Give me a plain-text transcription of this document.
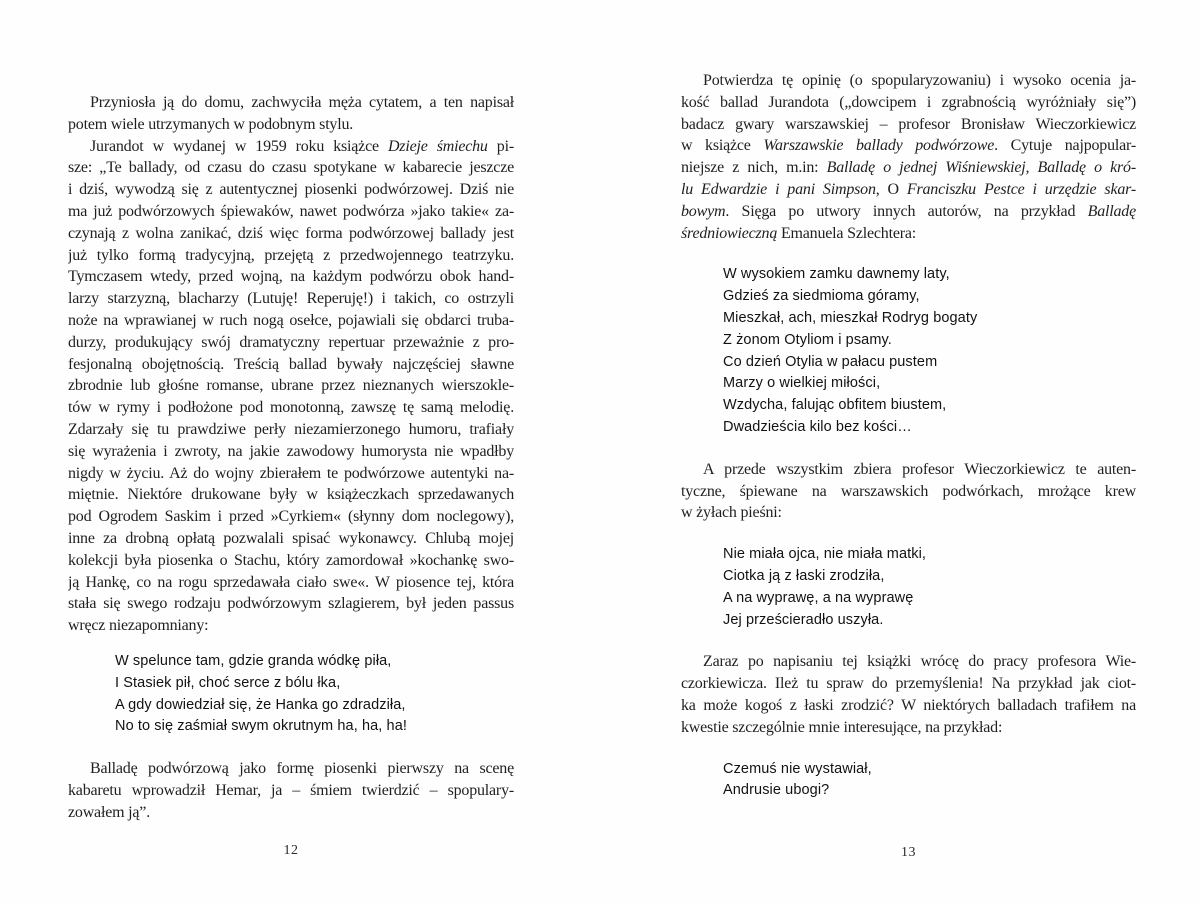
Przyniosła ją do domu, zachwyciła męża cytatem, a ten napisał
potem wiele utrzymanych w podobnym stylu.
Jurandot w wydanej w 1959 roku książce Dzieje śmiechu pi-
sze: „Te ballady, od czasu do czasu spotykane w kabarecie jeszcze
i dziś, wywodzą się z autentycznej piosenki podwórzowej. Dziś nie
ma już podwórzowych śpiewaków, nawet podwórza »jako takie« za-
czynają z wolna zanikać, dziś więc forma podwórzowej ballady jest
już tylko formą tradycyjną, przejętą z przedwojennego teatrzyku.
Tymczasem wtedy, przed wojną, na każdym podwórzu obok hand-
larzy starzyzną, blacharzy (Lutuję! Reperuję!) i takich, co ostrzyli
noże na wprawianej w ruch nogą osełce, pojawiali się obdarci truba-
durzy, produkujący swój dramatyczny repertuar przeważnie z pro-
fesjonalną obojętnością. Treścią ballad bywały najczęściej sławne
zbrodnie lub głośne romanse, ubrane przez nieznanych wierszokle-
tów w rymy i podłożone pod monotonną, zawszę tę samą melodię.
Zdarzały się tu prawdziwe perły niezamierzonego humoru, trafiały
się wyrażenia i zwroty, na jakie zawodowy humorysta nie wpadłby
nigdy w życiu. Aż do wojny zbierałem te podwórzowe autentyki na-
miętnie. Niektóre drukowane były w książeczkach sprzedawanych
pod Ogrodem Saskim i przed »Cyrkiem« (słynny dom noclegowy),
inne za drobną opłatą pozwalali spisać wykonawcy. Chlubą mojej
kolekcji była piosenka o Stachu, który zamordował »kochankę swo-
ją Hankę, co na rogu sprzedawała ciało swe«. W piosence tej, która
stała się swego rodzaju podwórzowym szlagierem, był jeden passus
wręcz niezapomniany:
W spelunce tam, gdzie granda wódkę piła,
I Stasiek pił, choć serce z bólu łka,
A gdy dowiedział się, że Hanka go zdradziła,
No to się zaśmiał swym okrutnym ha, ha, ha!
Balladę podwórzową jako formę piosenki pierwszy na scenę
kabaretu wprowadził Hemar, ja – śmiem twierdzić – spopulary-
zowałem ją”.
Potwierdza tę opinię (o spopularyzowaniu) i wysoko ocenia ja-
kość ballad Jurandota („dowcipem i zgrabnością wyróżniały się”)
badacz gwary warszawskiej – profesor Bronisław Wieczorkiewicz
w książce Warszawskie ballady podwórzowe. Cytuje najpopular-
niejsze z nich, m.in: Balladę o jednej Wiśniewskiej, Balladę o kró-
lu Edwardzie i pani Simpson, O Franciszku Pestce i urzędzie skar-
bowym. Sięga po utwory innych autorów, na przykład Balladę
średniowieczną Emanuela Szlechtera:
W wysokiem zamku dawnemy laty,
Gdzieś za siedmioma góramy,
Mieszkał, ach, mieszkał Rodryg bogaty
Z żonom Otyliom i psamy.
Co dzień Otylia w pałacu pustem
Marzy o wielkiej miłości,
Wzdycha, falując obfitem biustem,
Dwadzieścia kilo bez kości…
A przede wszystkim zbiera profesor Wieczorkiewicz te auten-
tyczne, śpiewane na warszawskich podwórkach, mrożące krew
w żyłach pieśni:
Nie miała ojca, nie miała matki,
Ciotka ją z łaski zrodziła,
A na wyprawę, a na wyprawę
Jej prześcieradło uszyła.
Zaraz po napisaniu tej książki wrócę do pracy profesora Wie-
czorkiewicza. Ileż tu spraw do przemyślenia! Na przykład jak ciot-
ka może kogoś z łaski zrodzić? W niektórych balladach trafiłem na
kwestie szczególnie mnie interesujące, na przykład:
Czemuś nie wystawiał,
Andrusie ubogi?
12	13
